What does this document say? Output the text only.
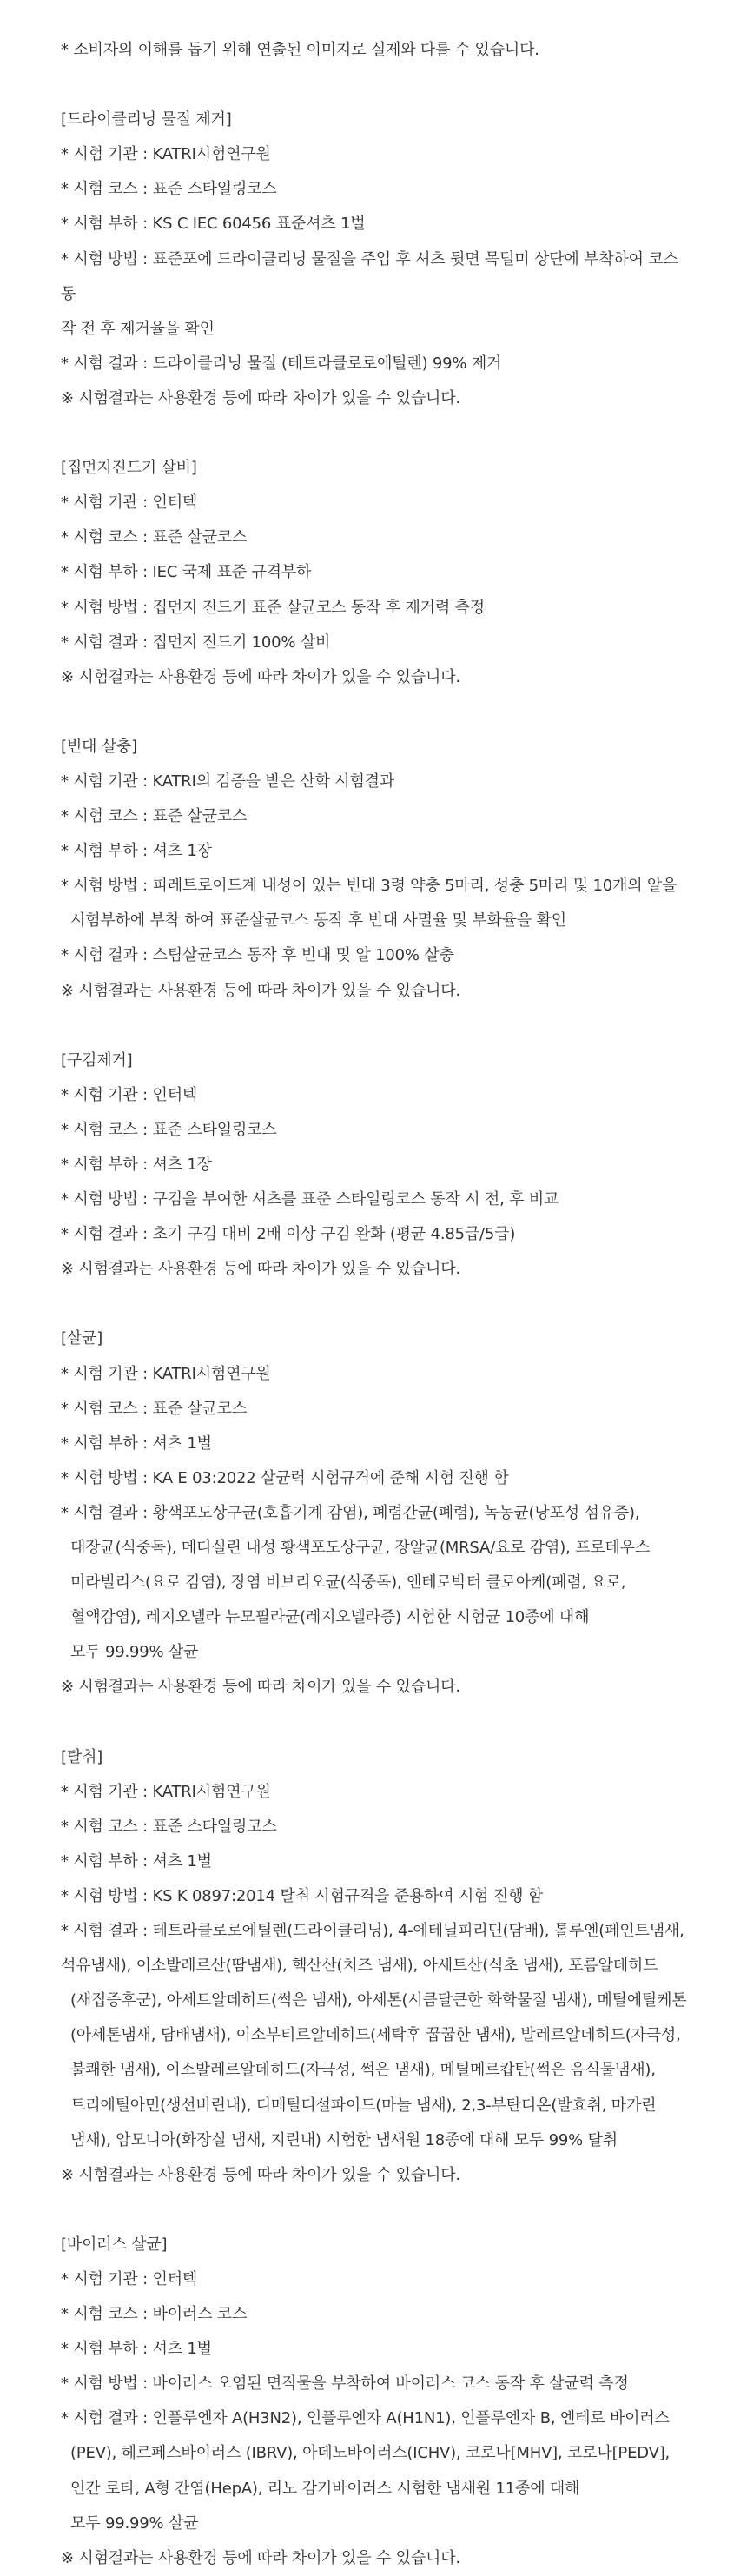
* 소비자의 이해를 돕기 위해 연출된 이미지로 실제와 다를 수 있습니다.

[드라이클리닝 물질 제거]

* 시험 기관 : KATRI시험연구원

* 시험 코스 : 표준 스타일링코스

* 시험 부하 : KS C IEC 60456 표준셔츠 1벌

* 시험 방법 : 표준포에 드라이클리닝 물질을 주입 후 셔츠 뒷면 목덜미 상단에 부착하여 코스 동

작 전 후 제거율을 확인

* 시험 결과 : 드라이클리닝 물질 (테트라클로로에틸렌) 99% 제거

※ 시험결과는 사용환경 등에 따라 차이가 있을 수 있습니다.

[집먼지진드기 살비]

* 시험 기관 : 인터텍

* 시험 코스 : 표준 살균코스

* 시험 부하 : IEC 국제 표준 규격부하

* 시험 방법 : 집먼지 진드기 표준 살균코스 동작 후 제거력 측정

* 시험 결과 : 집먼지 진드기 100% 살비

※ 시험결과는 사용환경 등에 따라 차이가 있을 수 있습니다.

[빈대 살충]

* 시험 기관 : KATRI의 검증을 받은 산학 시험결과

* 시험 코스 : 표준 살균코스

* 시험 부하 : 셔츠 1장

* 시험 방법 : 피레트로이드계 내성이 있는 빈대 3령 약충 5마리, 성충 5마리 및 10개의 알을

시험부하에 부착 하여 표준살균코스 동작 후 빈대 사멸율 및 부화율을 확인

* 시험 결과 : 스팀살균코스 동작 후 빈대 및 알 100% 살충

※ 시험결과는 사용환경 등에 따라 차이가 있을 수 있습니다.

[구김제거]

* 시험 기관 : 인터텍

* 시험 코스 : 표준 스타일링코스

* 시험 부하 : 셔츠 1장

* 시험 방법 : 구김을 부여한 셔츠를 표준 스타일링코스 동작 시 전, 후 비교

* 시험 결과 : 초기 구김 대비 2배 이상 구김 완화 (평균 4.85급/5급)

※ 시험결과는 사용환경 등에 따라 차이가 있을 수 있습니다.

[살균]

* 시험 기관 : KATRI시험연구원

* 시험 코스 : 표준 살균코스

* 시험 부하 : 셔츠 1벌

* 시험 방법 : KA E 03:2022 살균력 시험규격에 준해 시험 진행 함

* 시험 결과 : 황색포도상구균(호흡기계 감염), 폐렴간균(폐렴), 녹농균(낭포성 섬유증),

대장균(식중독), 메디실린 내성 황색포도상구균, 장알균(MRSA/요로 감염), 프로테우스

미라빌리스(요로 감염), 장염 비브리오균(식중독), 엔테로박터 클로아케(폐렴, 요로,

혈액감염), 레지오넬라 뉴모필라균(레지오넬라증) 시험한 시험균 10종에 대해

모두 99.99% 살균

※ 시험결과는 사용환경 등에 따라 차이가 있을 수 있습니다.

[탈취]

* 시험 기관 : KATRI시험연구원

* 시험 코스 : 표준 스타일링코스

* 시험 부하 : 셔츠 1벌

* 시험 방법 : KS K 0897:2014 탈취 시험규격을 준용하여 시험 진행 함

* 시험 결과 : 테트라클로로에틸렌(드라이클리닝), 4-에테닐피리딘(담배), 톨루엔(페인트냄새,

석유냄새), 이소발레르산(땀냄새), 헥산산(치즈 냄새), 아세트산(식초 냄새), 포름알데히드

(새집증후군), 아세트알데히드(썩은 냄새), 아세톤(시큼달큰한 화학물질 냄새), 메틸에틸케톤

(아세톤냄새, 담배냄새), 이소부티르알데히드(세탁후 꿉꿉한 냄새), 발레르알데히드(자극성,

불쾌한 냄새), 이소발레르알데히드(자극성, 썩은 냄새), 메틸메르캅탄(썩은 음식물냄새),

트리에틸아민(생선비린내), 디메틸디설파이드(마늘 냄새), 2,3-부탄디온(발효취, 마가린

냄새), 암모니아(화장실 냄새, 지린내) 시험한 냄새원 18종에 대해 모두 99% 탈취

※ 시험결과는 사용환경 등에 따라 차이가 있을 수 있습니다.

[바이러스 살균]

* 시험 기관 : 인터텍

* 시험 코스 : 바이러스 코스

* 시험 부하 : 셔츠 1벌

* 시험 방법 : 바이러스 오염된 면직물을 부착하여 바이러스 코스 동작 후 살균력 측정

* 시험 결과 : 인플루엔자 A(H3N2), 인플루엔자 A(H1N1), 인플루엔자 B, 엔테로 바이러스

(PEV), 헤르페스바이러스 (IBRV), 아데노바이러스(ICHV), 코로나[MHV], 코로나[PEDV],

인간 로타, A형 간염(HepA), 리노 감기바이러스 시험한 냄새원 11종에 대해

모두 99.99% 살균

※ 시험결과는 사용환경 등에 따라 차이가 있을 수 있습니다.
